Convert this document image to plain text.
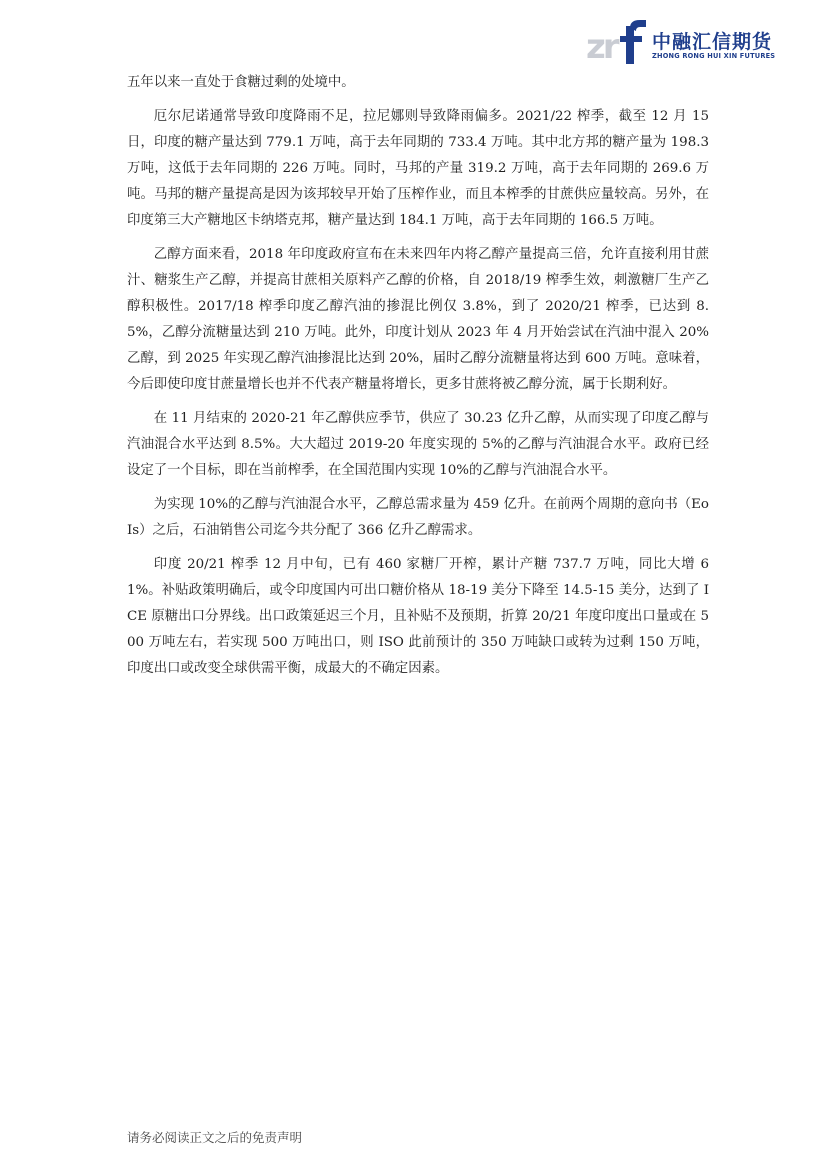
zr 中融汇信期货
ZHONG RONG HUI XIN FUTURES

五年以来一直处于食糖过剩的处境中。

厄尔尼诺通常导致印度降雨不足，拉尼娜则导致降雨偏多。2021/22 榨季，截至 12 月 15 日，印度的糖产量达到 779.1 万吨，高于去年同期的 733.4 万吨。其中北方邦的糖产量为 198.3 万吨，这低于去年同期的 226 万吨。同时，马邦的产量 319.2 万吨，高于去年同期的 269.6 万吨。马邦的糖产量提高是因为该邦较早开始了压榨作业，而且本榨季的甘蔗供应量较高。另外，在印度第三大产糖地区卡纳塔克邦，糖产量达到 184.1 万吨，高于去年同期的 166.5 万吨。

乙醇方面来看，2018 年印度政府宣布在未来四年内将乙醇产量提高三倍，允许直接利用甘蔗汁、糖浆生产乙醇，并提高甘蔗相关原料产乙醇的价格，自 2018/19 榨季生效，刺激糖厂生产乙醇积极性。2017/18 榨季印度乙醇汽油的掺混比例仅 3.8%，到了 2020/21 榨季，已达到 8.5%，乙醇分流糖量达到 210 万吨。此外，印度计划从 2023 年 4 月开始尝试在汽油中混入 20%乙醇，到 2025 年实现乙醇汽油掺混比达到 20%，届时乙醇分流糖量将达到 600 万吨。意味着，今后即使印度甘蔗量增长也并不代表产糖量将增长，更多甘蔗将被乙醇分流，属于长期利好。

在 11 月结束的 2020-21 年乙醇供应季节，供应了 30.23 亿升乙醇，从而实现了印度乙醇与汽油混合水平达到 8.5%。大大超过 2019-20 年度实现的 5%的乙醇与汽油混合水平。政府已经设定了一个目标，即在当前榨季，在全国范围内实现 10%的乙醇与汽油混合水平。

为实现 10%的乙醇与汽油混合水平，乙醇总需求量为 459 亿升。在前两个周期的意向书（EoIs）之后，石油销售公司迄今共分配了 366 亿升乙醇需求。

印度 20/21 榨季 12 月中旬，已有 460 家糖厂开榨，累计产糖 737.7 万吨，同比大增 61%。补贴政策明确后，或令印度国内可出口糖价格从 18-19 美分下降至 14.5-15 美分，达到了 ICE 原糖出口分界线。出口政策延迟三个月，且补贴不及预期，折算 20/21 年度印度出口量或在 500 万吨左右，若实现 500 万吨出口，则 ISO 此前预计的 350 万吨缺口或转为过剩 150 万吨，印度出口或改变全球供需平衡，成最大的不确定因素。

请务必阅读正文之后的免责声明
